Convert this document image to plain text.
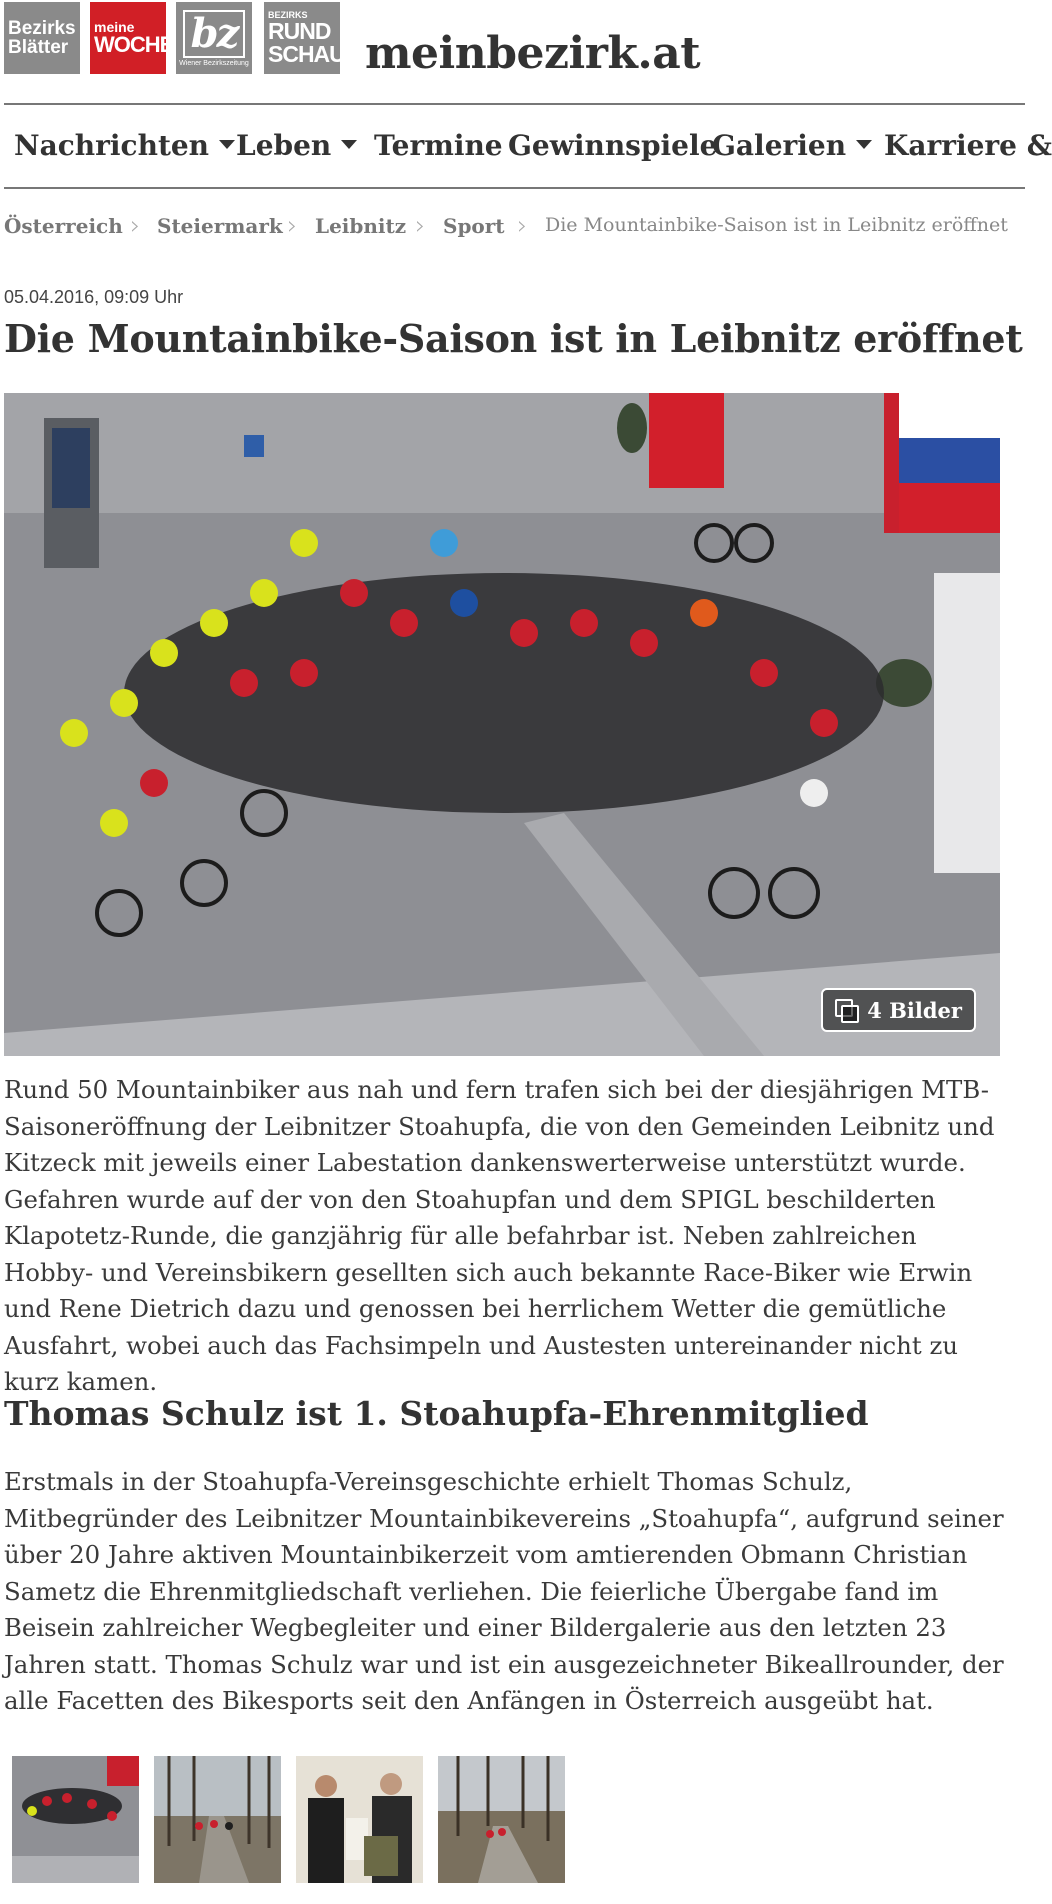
Bezirks
Blätter
meine
WOCHE bz
Wiener Bezirkszeitung
BEZIRKS
RUND
SCHAU meinbezirk.at
Nachrichten Leben	Termine Gewinnspiele
Galerien	Karriere &
Österreich › Steiermark › Leibnitz › Sport › Die Mountainbike-Saison ist in Leibnitz eröffnet
05.04.2016, 09:09 Uhr
Die Mountainbike-Saison ist in Leibnitz eröffnet
4 Bilder

Rund 50 Mountainbiker aus nah und fern trafen sich bei der diesjährigen MTB-Saisoneröffnung der Leibnitzer Stoahupfa, die von den Gemeinden Leibnitz und Kitzeck mit jeweils einer Labestation dankenswerterweise unterstützt wurde. Gefahren wurde auf der von den Stoahupfan und dem SPIGL beschilderten Klapotetz-Runde, die ganzjährig für alle befahrbar ist. Neben zahlreichen Hobby- und Vereinsbikern gesellten sich auch bekannte Race-Biker wie Erwin und Rene Dietrich dazu und genossen bei herrlichem Wetter die gemütliche Ausfahrt, wobei auch das Fachsimpeln und Austesten untereinander nicht zu kurz kamen.

Thomas Schulz ist 1. Stoahupfa-Ehrenmitglied

Erstmals in der Stoahupfa-Vereinsgeschichte erhielt Thomas Schulz, Mitbegründer des Leibnitzer Mountainbikevereins „Stoahupfa“, aufgrund seiner über 20 Jahre aktiven Mountainbikerzeit vom amtierenden Obmann Christian Sametz die Ehrenmitgliedschaft verliehen. Die feierliche Übergabe fand im Beisein zahlreicher Wegbegleiter und einer Bildergalerie aus den letzten 23 Jahren statt. Thomas Schulz war und ist ein ausgezeichneter Bikeallrounder, der alle Facetten des Bikesports seit den Anfängen in Österreich ausgeübt hat.
